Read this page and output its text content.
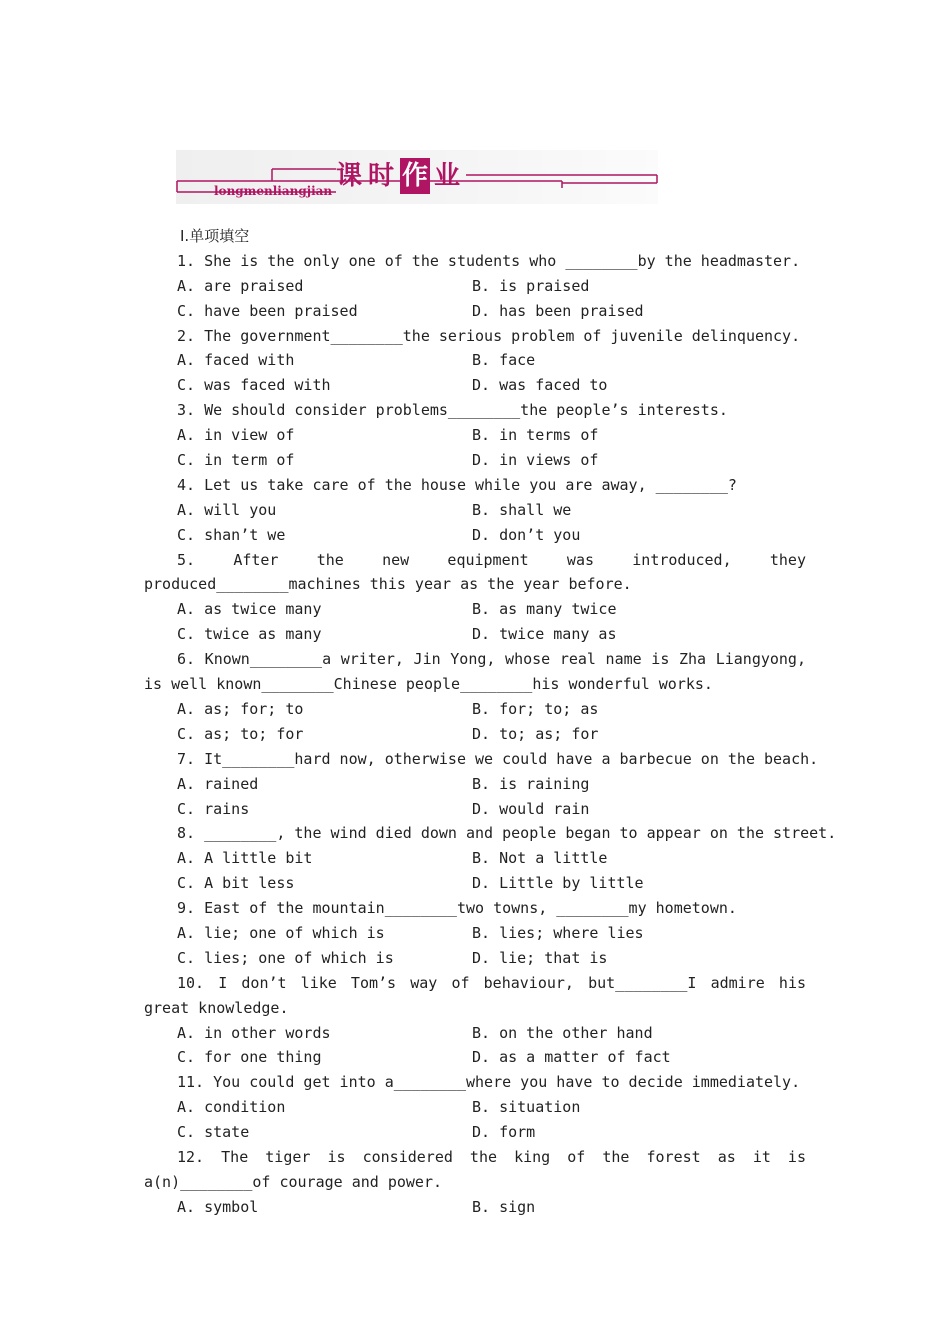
课时作 业
longmenliangjian
Ⅰ.单项填空
1. She is the only one of the students who ________by the headmaster.
A. are praised	B. is praised
C. have been praised	D. has been praised
2. The government________the serious problem of juvenile delinquency.
A. faced with	B. face
C. was faced with	D. was faced to
3. We should consider problems________the people’s interests.
A. in view of	B. in terms of
C. in term of	D. in views of
4. Let us take care of the house while you are away, ________?
A. will you	B. shall we
C. shan’t we	D. don’t you
5. After the new equipment was introduced, they produced________machines this year as the year before.
A. as twice many	B. as many twice
C. twice as many	D. twice many as
6. Known________a writer, Jin Yong, whose real name is Zha Liangyong, is well known________Chinese people________his wonderful works.
A. as; for; to	B. for; to; as
C. as; to; for	D. to; as; for
7. It________hard now, otherwise we could have a barbecue on the beach.
A. rained	B. is raining
C. rains	D. would rain
8. ________, the wind died down and people began to appear on the street.
A. A little bit	B. Not a little
C. A bit less	D. Little by little
9. East of the mountain________two towns, ________my hometown.
A. lie; one of which is	B. lies; where lies
C. lies; one of which is	D. lie; that is
10. I don’t like Tom’s way of behaviour, but________I admire his great knowledge.
A. in other words	B. on the other hand
C. for one thing	D. as a matter of fact
11. You could get into a________where you have to decide immediately.
A. condition	B. situation
C. state	D. form
12. The tiger is considered the king of the forest as it is a(n)________of courage and power.
A. symbol	B. sign
